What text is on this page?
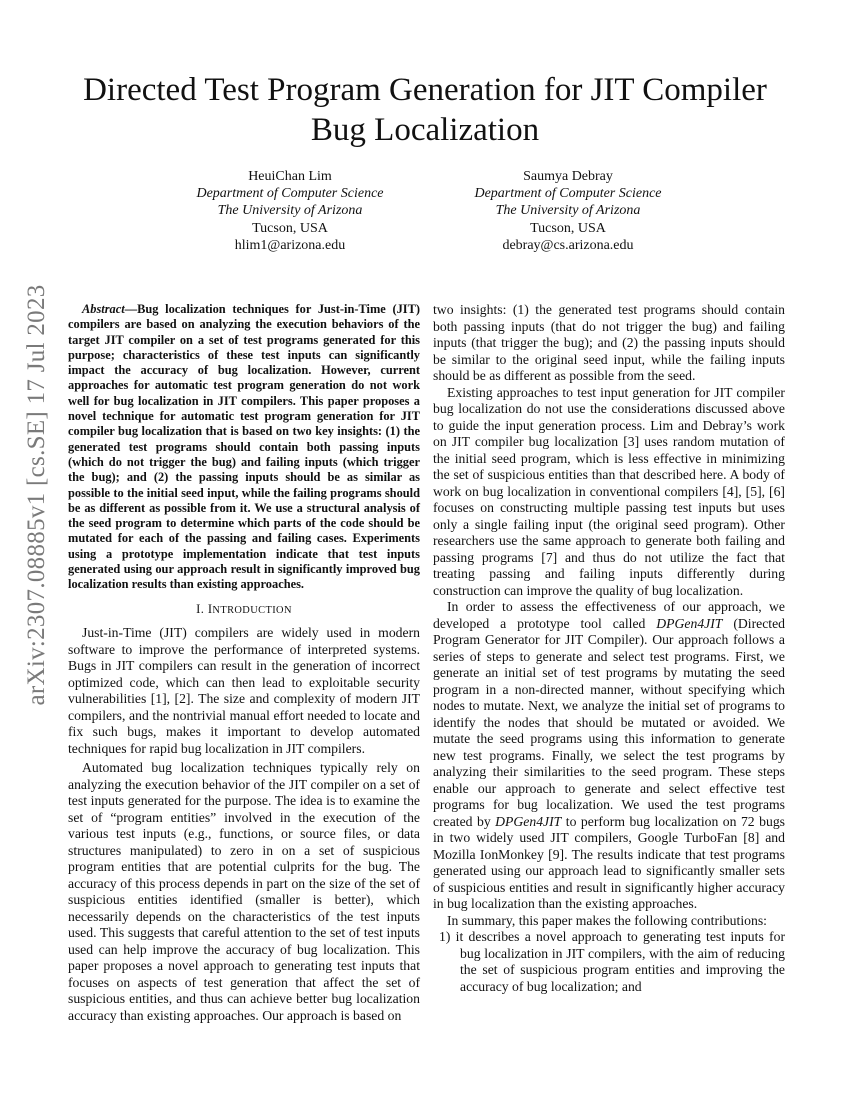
arXiv:2307.08885v1 [cs.SE] 17 Jul 2023
Directed Test Program Generation for JIT Compiler
Bug Localization
HeuiChan Lim
Department of Computer Science
The University of Arizona
Tucson, USA
hlim1@arizona.edu
Saumya Debray
Department of Computer Science
The University of Arizona
Tucson, USA
debray@cs.arizona.edu

Abstract—Bug localization techniques for Just-in-Time (JIT) compilers are based on analyzing the execution behaviors of the target JIT compiler on a set of test programs generated for this purpose; characteristics of these test inputs can significantly impact the accuracy of bug localization. However, current approaches for automatic test program generation do not work well for bug localization in JIT compilers. This paper proposes a novel technique for automatic test program generation for JIT compiler bug localization that is based on two key insights: (1) the generated test programs should contain both passing inputs (which do not trigger the bug) and failing inputs (which trigger the bug); and (2) the passing inputs should be as similar as possible to the initial seed input, while the failing programs should be as different as possible from it. We use a structural analysis of the seed program to determine which parts of the code should be mutated for each of the passing and failing cases. Experiments using a prototype implementation indicate that test inputs generated using our approach result in significantly improved bug localization results than existing approaches.

I. INTRODUCTION

Just-in-Time (JIT) compilers are widely used in modern software to improve the performance of interpreted systems. Bugs in JIT compilers can result in the generation of incorrect optimized code, which can then lead to exploitable security vulnerabilities [1], [2]. The size and complexity of modern JIT compilers, and the nontrivial manual effort needed to locate and fix such bugs, makes it important to develop automated techniques for rapid bug localization in JIT compilers.

Automated bug localization techniques typically rely on analyzing the execution behavior of the JIT compiler on a set of test inputs generated for the purpose. The idea is to examine the set of “program entities” involved in the execution of the various test inputs (e.g., functions, or source files, or data structures manipulated) to zero in on a set of suspicious program entities that are potential culprits for the bug. The accuracy of this process depends in part on the size of the set of suspicious entities identified (smaller is better), which necessarily depends on the characteristics of the test inputs used. This suggests that careful attention to the set of test inputs used can help improve the accuracy of bug localization. This paper proposes a novel approach to generating test inputs that focuses on aspects of test generation that affect the set of suspicious entities, and thus can achieve better bug localization accuracy than existing approaches. Our approach is based on

two insights: (1) the generated test programs should contain both passing inputs (that do not trigger the bug) and failing inputs (that trigger the bug); and (2) the passing inputs should be similar to the original seed input, while the failing inputs should be as different as possible from the seed.

Existing approaches to test input generation for JIT compiler bug localization do not use the considerations discussed above to guide the input generation process. Lim and Debray’s work on JIT compiler bug localization [3] uses random mutation of the initial seed program, which is less effective in minimizing the set of suspicious entities than that described here. A body of work on bug localization in conventional compilers [4], [5], [6] focuses on constructing multiple passing test inputs but uses only a single failing input (the original seed program). Other researchers use the same approach to generate both failing and passing programs [7] and thus do not utilize the fact that treating passing and failing inputs differently during construction can improve the quality of bug localization.

In order to assess the effectiveness of our approach, we developed a prototype tool called DPGen4JIT (Directed Program Generator for JIT Compiler). Our approach follows a series of steps to generate and select test programs. First, we generate an initial set of test programs by mutating the seed program in a non-directed manner, without specifying which nodes to mutate. Next, we analyze the initial set of programs to identify the nodes that should be mutated or avoided. We mutate the seed programs using this information to generate new test programs. Finally, we select the test programs by analyzing their similarities to the seed program. These steps enable our approach to generate and select effective test programs for bug localization. We used the test programs created by DPGen4JIT to perform bug localization on 72 bugs in two widely used JIT compilers, Google TurboFan [8] and Mozilla IonMonkey [9]. The results indicate that test programs generated using our approach lead to significantly smaller sets of suspicious entities and result in significantly higher accuracy in bug localization than the existing approaches.

In summary, this paper makes the following contributions:

1) it describes a novel approach to generating test inputs for bug localization in JIT compilers, with the aim of reducing the set of suspicious program entities and improving the accuracy of bug localization; and
